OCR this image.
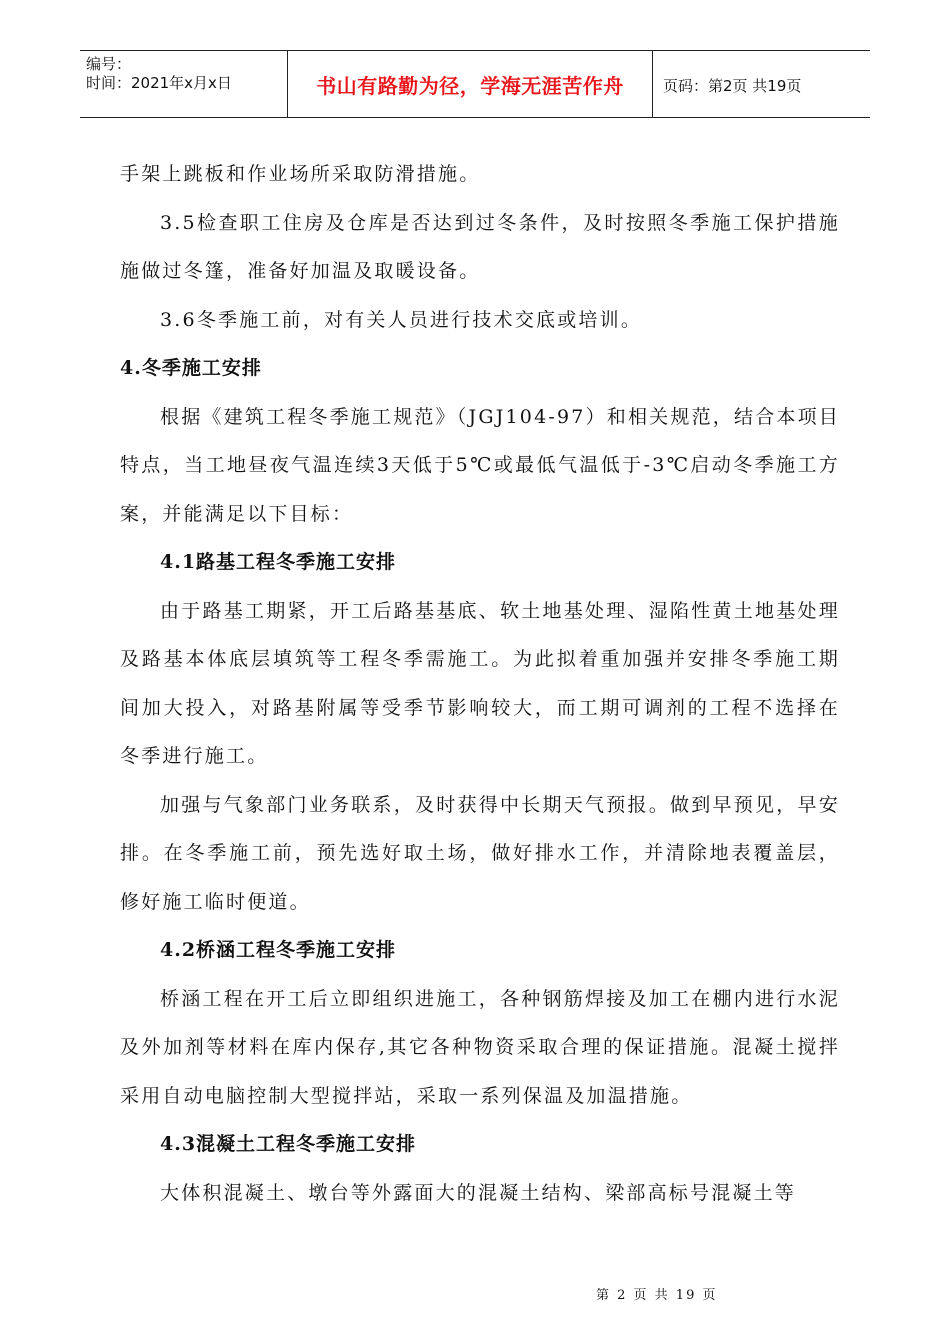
编号：
时间：2021年x月x日	书山有路勤为径，学海无涯苦作舟	页码：第2页 共19页

手架上跳板和作业场所采取防滑措施。

3.5检查职工住房及仓库是否达到过冬条件，及时按照冬季施工保护措施施做过冬篷，准备好加温及取暖设备。

3.6冬季施工前，对有关人员进行技术交底或培训。

4.冬季施工安排

根据《建筑工程冬季施工规范》（JGJ104-97）和相关规范，结合本项目特点，当工地昼夜气温连续3天低于5℃或最低气温低于-3℃启动冬季施工方案，并能满足以下目标：

4.1路基工程冬季施工安排

由于路基工期紧，开工后路基基底、软土地基处理、湿陷性黄土地基处理及路基本体底层填筑等工程冬季需施工。为此拟着重加强并安排冬季施工期间加大投入，对路基附属等受季节影响较大，而工期可调剂的工程不选择在冬季进行施工。

加强与气象部门业务联系，及时获得中长期天气预报。做到早预见，早安排。在冬季施工前，预先选好取土场，做好排水工作，并清除地表覆盖层，修好施工临时便道。

4.2桥涵工程冬季施工安排

桥涵工程在开工后立即组织进施工，各种钢筋焊接及加工在棚内进行水泥及外加剂等材料在库内保存,其它各种物资采取合理的保证措施。混凝土搅拌采用自动电脑控制大型搅拌站，采取一系列保温及加温措施。

4.3混凝土工程冬季施工安排

大体积混凝土、墩台等外露面大的混凝土结构、梁部高标号混凝土等

第 2 页 共 19 页
